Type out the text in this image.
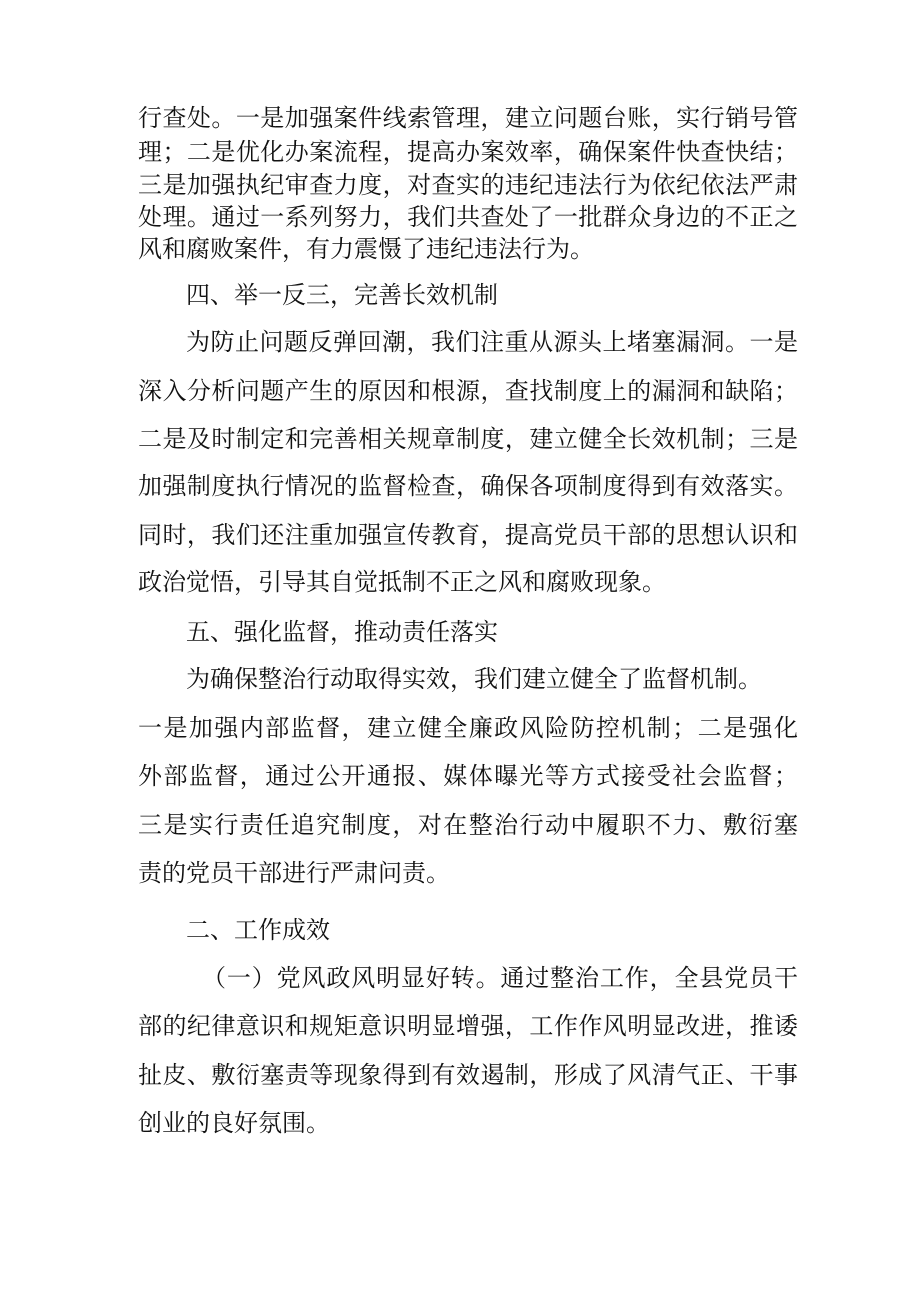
行查处。一是加强案件线索管理，建立问题台账，实行销号管
理；二是优化办案流程，提高办案效率，确保案件快查快结；
三是加强执纪审查力度，对查实的违纪违法行为依纪依法严肃
处理。通过一系列努力，我们共查处了一批群众身边的不正之
风和腐败案件，有力震慑了违纪违法行为。
四、举一反三，完善长效机制
为防止问题反弹回潮，我们注重从源头上堵塞漏洞。一是
深入分析问题产生的原因和根源，查找制度上的漏洞和缺陷；
二是及时制定和完善相关规章制度，建立健全长效机制；三是
加强制度执行情况的监督检查，确保各项制度得到有效落实。
同时，我们还注重加强宣传教育，提高党员干部的思想认识和
政治觉悟，引导其自觉抵制不正之风和腐败现象。
五、强化监督，推动责任落实
为确保整治行动取得实效，我们建立健全了监督机制。
一是加强内部监督，建立健全廉政风险防控机制；二是强化
外部监督，通过公开通报、媒体曝光等方式接受社会监督；
三是实行责任追究制度，对在整治行动中履职不力、敷衍塞
责的党员干部进行严肃问责。
二、工作成效
（一）党风政风明显好转。通过整治工作，全县党员干
部的纪律意识和规矩意识明显增强，工作作风明显改进，推诿
扯皮、敷衍塞责等现象得到有效遏制，形成了风清气正、干事
创业的良好氛围。
